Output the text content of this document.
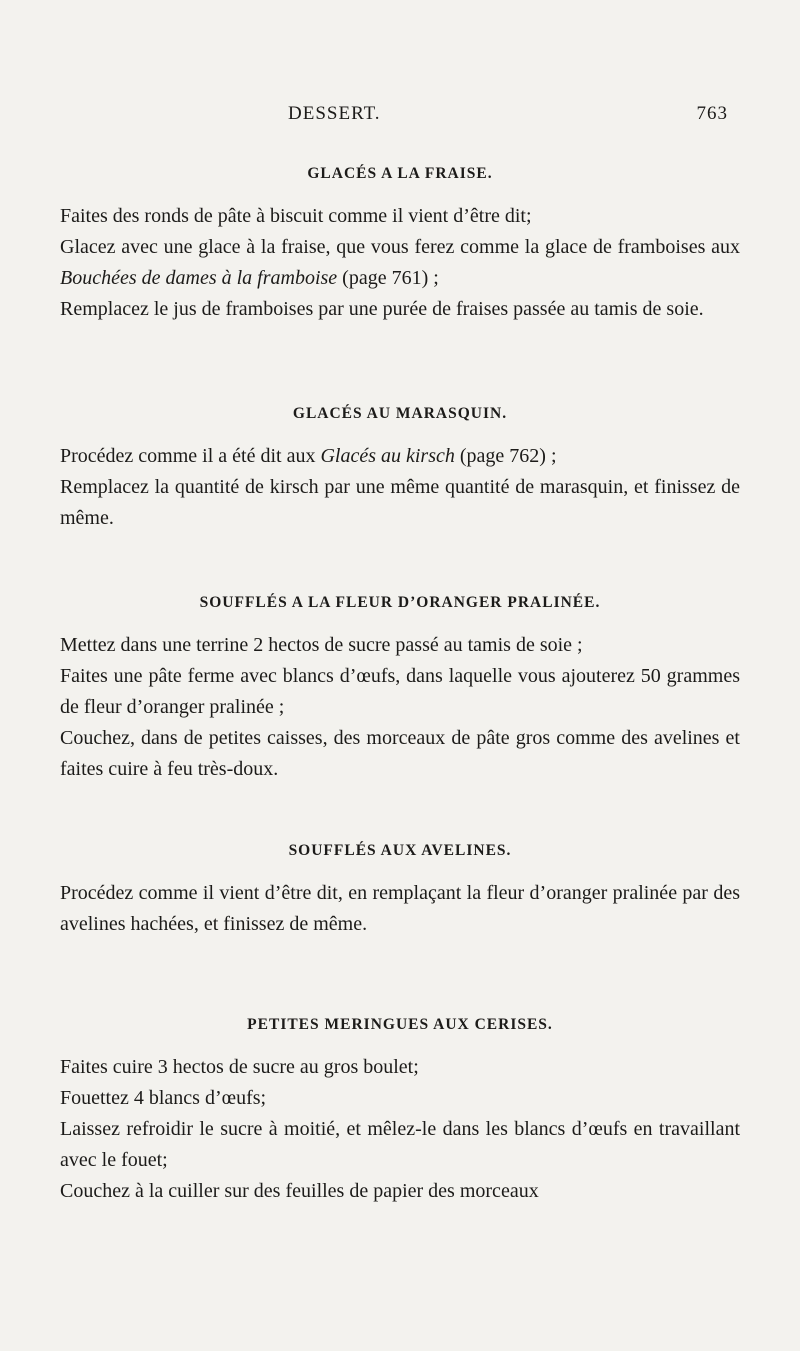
DESSERT.	763
GLACÉS A LA FRAISE.

Faites des ronds de pâte à biscuit comme il vient d’être dit;

Glacez avec une glace à la fraise, que vous ferez comme la glace de framboises aux Bouchées de dames à la framboise (page 761) ;

Remplacez le jus de framboises par une purée de fraises passée au tamis de soie.

GLACÉS AU MARASQUIN.

Procédez comme il a été dit aux Glacés au kirsch (page 762) ;

Remplacez la quantité de kirsch par une même quantité de marasquin, et finissez de même.

SOUFFLÉS A LA FLEUR D’ORANGER PRALINÉE.

Mettez dans une terrine 2 hectos de sucre passé au tamis de soie ;

Faites une pâte ferme avec blancs d’œufs, dans laquelle vous ajouterez 50 grammes de fleur d’oranger pralinée ;

Couchez, dans de petites caisses, des morceaux de pâte gros comme des avelines et faites cuire à feu très-doux.

SOUFFLÉS AUX AVELINES.

Procédez comme il vient d’être dit, en remplaçant la fleur d’oranger pralinée par des avelines hachées, et finissez de même.

PETITES MERINGUES AUX CERISES.

Faites cuire 3 hectos de sucre au gros boulet;

Fouettez 4 blancs d’œufs;

Laissez refroidir le sucre à moitié, et mêlez-le dans les blancs d’œufs en travaillant avec le fouet;

Couchez à la cuiller sur des feuilles de papier des morceaux
